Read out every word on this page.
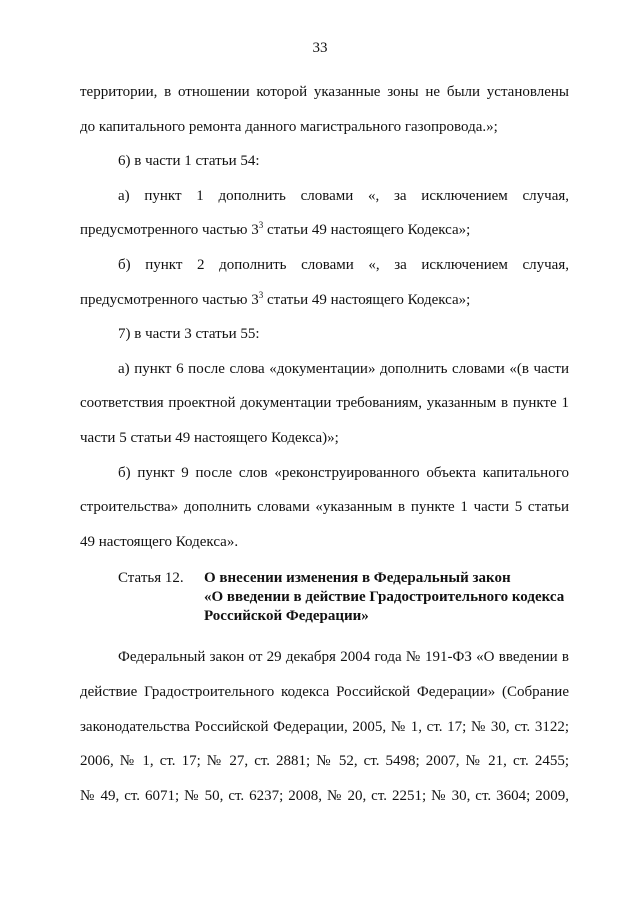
33

территории, в отношении которой указанные зоны не были установлены

до капитального ремонта данного магистрального газопровода.»;

6) в части 1 статьи 54:

а) пункт 1 дополнить словами «, за исключением случая,

предусмотренного частью $3^3$ статьи 49 настоящего Кодекса»;

б) пункт 2 дополнить словами «, за исключением случая,

предусмотренного частью $3^3$ статьи 49 настоящего Кодекса»;

7) в части 3 статьи 55:

а) пункт 6 после слова «документации» дополнить словами «(в части

соответствия проектной документации требованиям, указанным в пункте 1

части 5 статьи 49 настоящего Кодекса)»;

б) пункт 9 после слов «реконструированного объекта капитального

строительства» дополнить словами «указанным в пункте 1 части 5 статьи

49 настоящего Кодекса».

Статья 12.	О внесении изменения в Федеральный закон
«О введении в действие Градостроительного кодекса
Российской Федерации»

Федеральный закон от 29 декабря 2004 года № 191-ФЗ «О введении в

действие Градостроительного кодекса Российской Федерации» (Собрание

законодательства Российской Федерации, 2005, № 1, ст. 17; № 30, ст. 3122;

2006, № 1, ст. 17; № 27, ст. 2881; № 52, ст. 5498; 2007, № 21, ст. 2455;

№ 49, ст. 6071; № 50, ст. 6237; 2008, № 20, ст. 2251; № 30, ст. 3604; 2009,
